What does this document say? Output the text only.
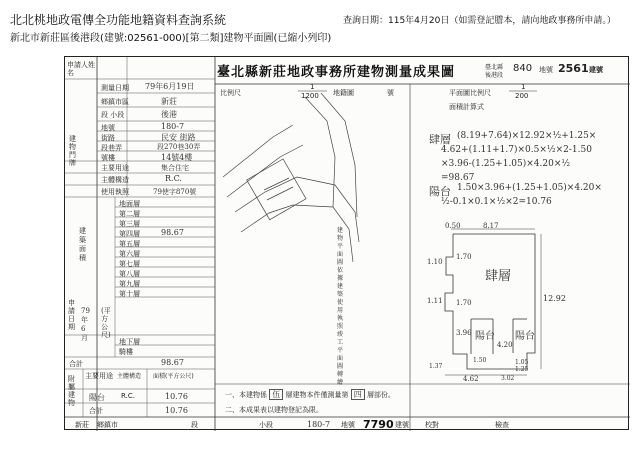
北北桃地政電傳全功能地籍資料查詢系統
新北市新莊區後港段(建號:02561-000)[第二類]建物平面圖(已縮小列印)
查詢日期：115年4月20日（如需登記謄本，請向地政事務所申請。）
臺北縣新莊地政事務所建物測量成果圖	臺北縣
後港段
840 地號 2561 建號
比例尺
1
1200 地籍圖	號	平面圖比例尺
1
200
面積計算式
申請人姓名
測量日期 79年6月19日
鄉鎮市區	新莊
段 小段	後港
地號	180-7
建物門牌
街路	民安 街路
段巷弄	段270巷30弄
號樓	14號4樓
主要用途	集合住宅
主體構造	R.C.
使用執照	79使字870號
建築面積
地面層
第二層
第三層
第四層	98.67
第五層
第六層
第七層
第八層
第九層
第十層
申請日期
79年6月
(平方公尺)
地下層
騎樓
合計	98.67
附屬建物
主要用途 主體構造 面積(平方公尺)
陽台 R.C.	10.76
合計	10.76
建物平面圖依據建築使用執照竣工平面圖轉繪
肆層 (8.19+7.64)×12.92×½+1.25×
4.62+(1.11+1.7)×0.5×½×2-1.50
×3.96-(1.25+1.05)×4.20×½
=98.67
陽台 1.50×3.96+(1.25+1.05)×4.20×
½-0.1×0.1×½×2=10.76
肆層
陽台 陽台
0.50	8.17
1.10
1.70
1.11 1.70	12.92
3.96
4.20
1.05
1.50
1.37
4.62
1.25
3.02
一、本建物係 伍 層建物本件僅測量第 四 層部份。
二、本成果表以建物登記為限。
新莊 鄉鎮市	段	小段	180-7 地號 7790 建號 校對	檢查
